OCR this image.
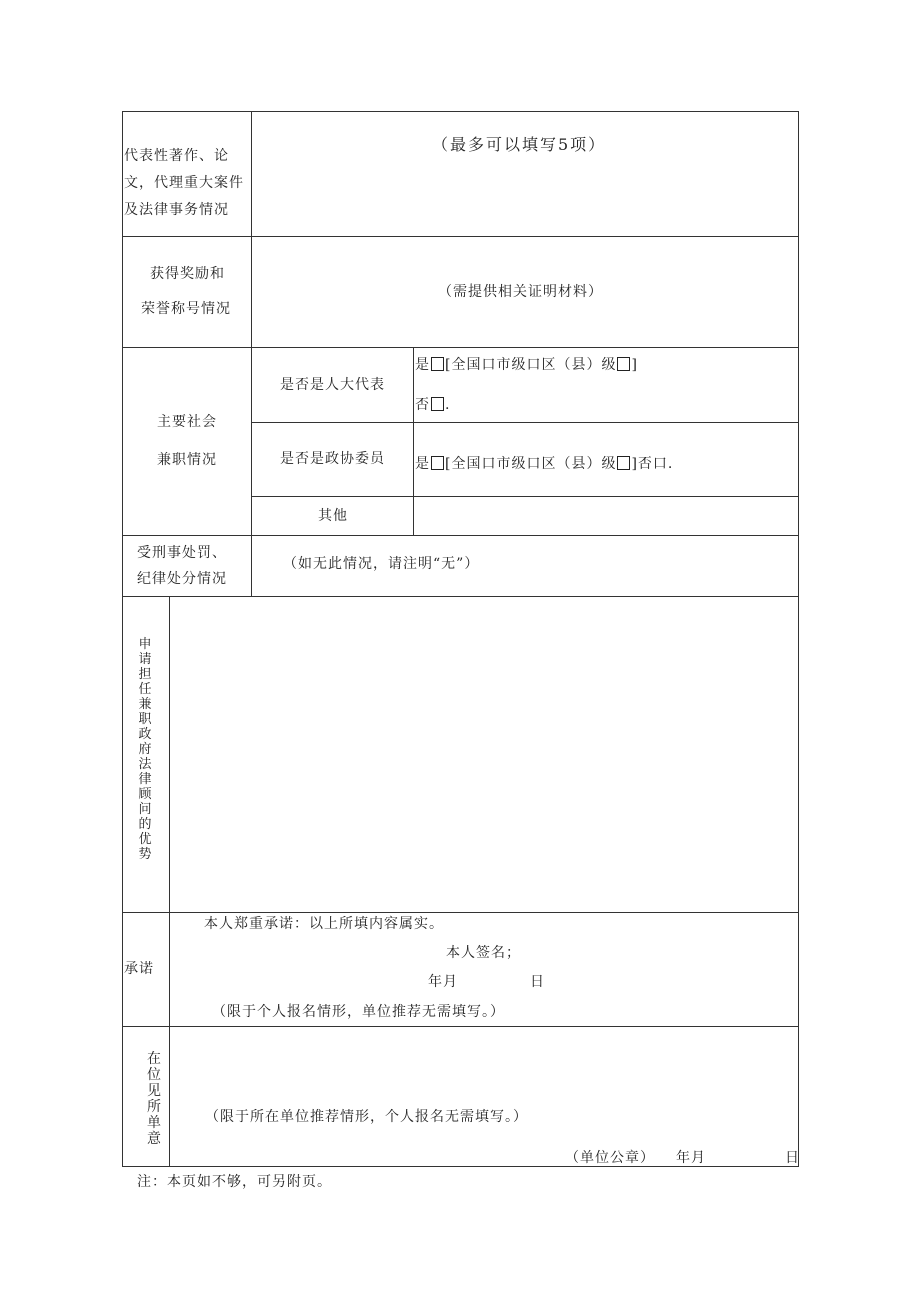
代表性著作、论

文，代理重大案件

及法律事务情况

（最多可以填写5项）
获得奖励和
荣誉称号情况
（需提供相关证明材料）
主要社会
兼职情况
是否是人大代表
是 [全国口市级口区（县）级 ]
否 .
是否是政协委员 是 [全国口市级口区（县）级 ]否口.
其他
受刑事处罚、
纪律处分情况
（如无此情况，请注明“无”）
申请担任兼职政府法律顾问的优势
承诺
本人郑重承诺：以上所填内容属实。
本人签名；
年月	日
（限于个人报名情形，单位推荐无需填写。）
在位见所单意
（限于所在单位推荐情形，个人报名无需填写。）
（单位公章） 年月	日
注：本页如不够，可另附页。
